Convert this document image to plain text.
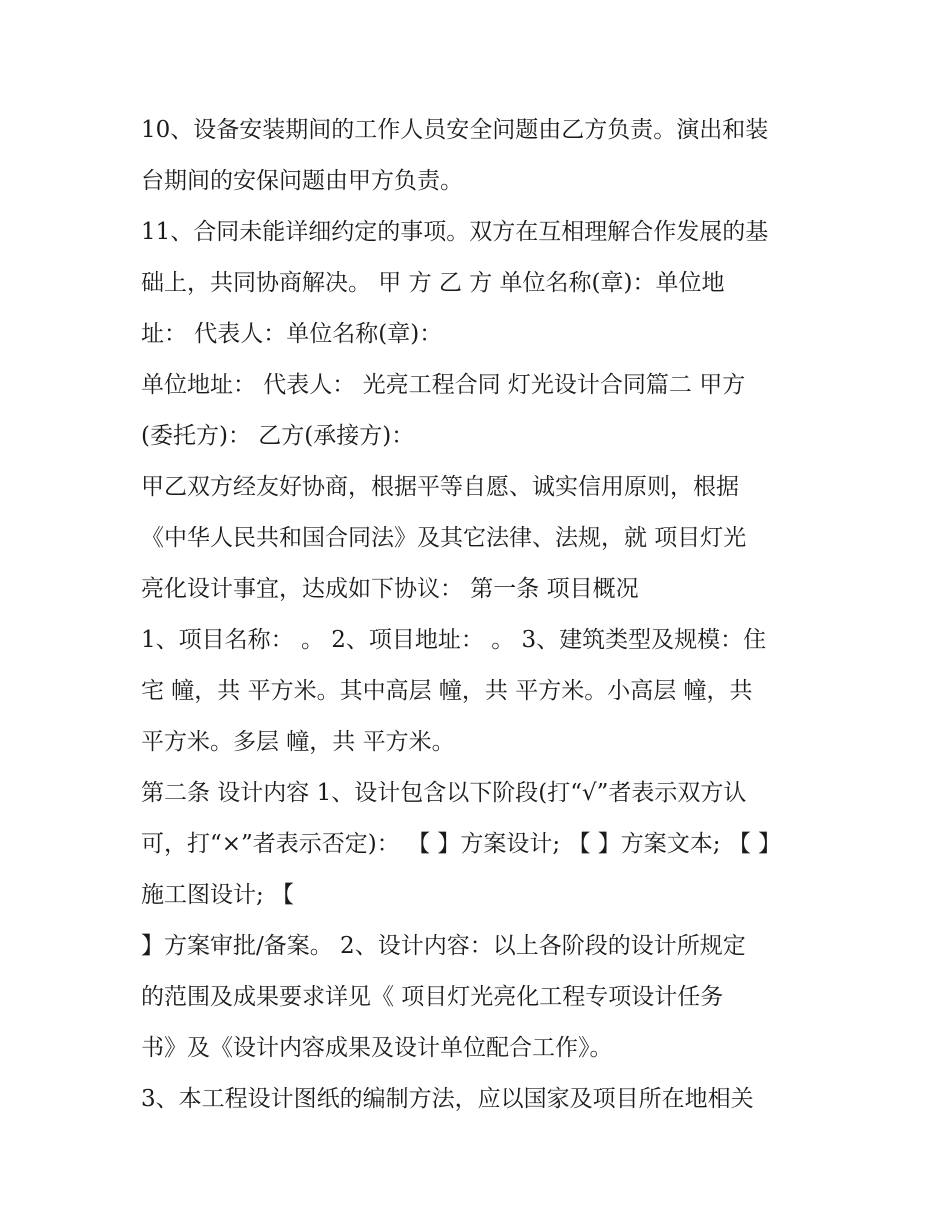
10、设备安装期间的工作人员安全问题由乙方负责。演出和装
台期间的安保问题由甲方负责。
11、合同未能详细约定的事项。双方在互相理解合作发展的基
础上，共同协商解决。 甲 方 乙 方 单位名称(章)：单位地
址： 代表人：单位名称(章)：
单位地址： 代表人： 光亮工程合同 灯光设计合同篇二 甲方
(委托方)： 乙方(承接方)：
甲乙双方经友好协商，根据平等自愿、诚实信用原则，根据
《中华人民共和国合同法》及其它法律、法规，就 项目灯光
亮化设计事宜，达成如下协议： 第一条 项目概况
1、项目名称： 。 2、项目地址： 。 3、建筑类型及规模：住
宅 幢，共 平方米。其中高层 幢，共 平方米。小高层 幢，共
平方米。多层 幢，共 平方米。
第二条 设计内容 1、设计包含以下阶段(打“√”者表示双方认
可，打“×”者表示否定)： 【 】方案设计; 【 】方案文本; 【 】
施工图设计; 【
】方案审批/备案。 2、设计内容：以上各阶段的设计所规定
的范围及成果要求详见《 项目灯光亮化工程专项设计任务
书》及《设计内容成果及设计单位配合工作》。
3、本工程设计图纸的编制方法，应以国家及项目所在地相关
